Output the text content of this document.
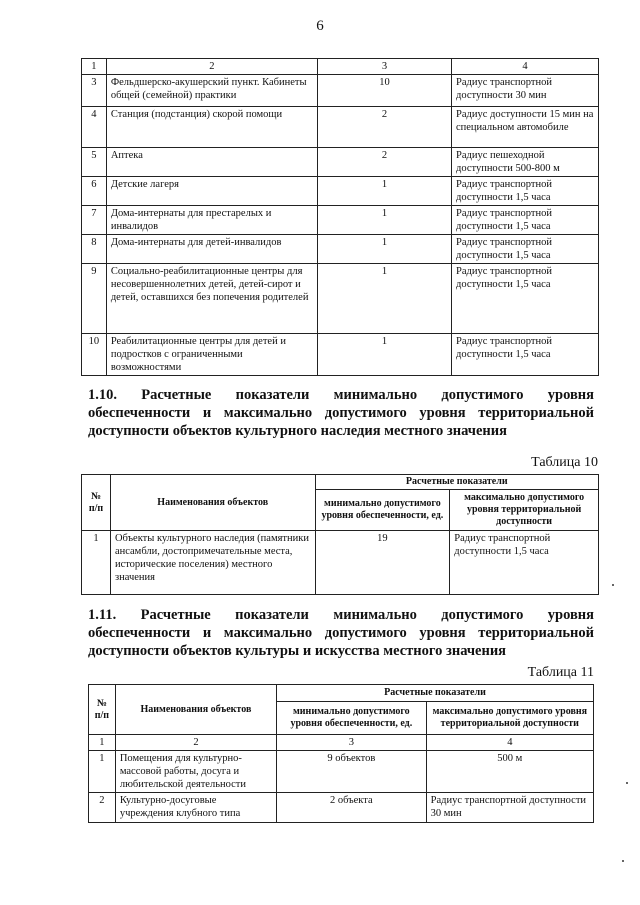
6
1	2	3	4
3	Фельдшерско-акушерский пункт. Кабинеты общей (семейной) практики	10	Радиус транспортной доступности 30 мин
4	Станция (подстанция) скорой помощи	2	Радиус доступности 15 мин на специальном автомобиле
5	Аптека	2	Радиус пешеходной доступности 500-800 м
6	Детские лагеря	1	Радиус транспортной доступности 1,5 часа
7	Дома-интернаты для престарелых и инвалидов	1	Радиус транспортной доступности 1,5 часа
8	Дома-интернаты для детей-инвалидов	1	Радиус транспортной доступности 1,5 часа
9	Социально-реабилитационные центры для несовершеннолетних детей, детей-сирот и детей, оставшихся без попечения родителей	1	Радиус транспортной доступности 1,5 часа
10	Реабилитационные центры для детей и подростков с ограниченными возможностями	1	Радиус транспортной доступности 1,5 часа
1.10. Расчетные показатели минимально допустимого уровня обеспеченности и максимально допустимого уровня территориальной доступности объектов культурного наследия местного значения
Таблица 10
№ п/п	Наименования объектов	Расчетные показатели	
		минимально допустимого уровня обеспеченности, ед.	максимально допустимого уровня территориальной доступности
1	Объекты культурного наследия (памятники ансамбли, достопримечательные места, исторические поселения) местного значения	19	Радиус транспортной доступности 1,5 часа
1.11. Расчетные показатели минимально допустимого уровня обеспеченности и максимально допустимого уровня территориальной доступности объектов культуры и искусства местного значения
Таблица 11
№ п/п	Наименования объектов	Расчетные показатели	
		минимально допустимого уровня обеспеченности, ед.	максимально допустимого уровня территориальной доступности
1	2	3	4
1	Помещения для культурно-массовой работы, досуга и любительской деятельности	9 объектов	500 м
2	Культурно-досуговые учреждения клубного типа	2 объекта	Радиус транспортной доступности 30 мин
